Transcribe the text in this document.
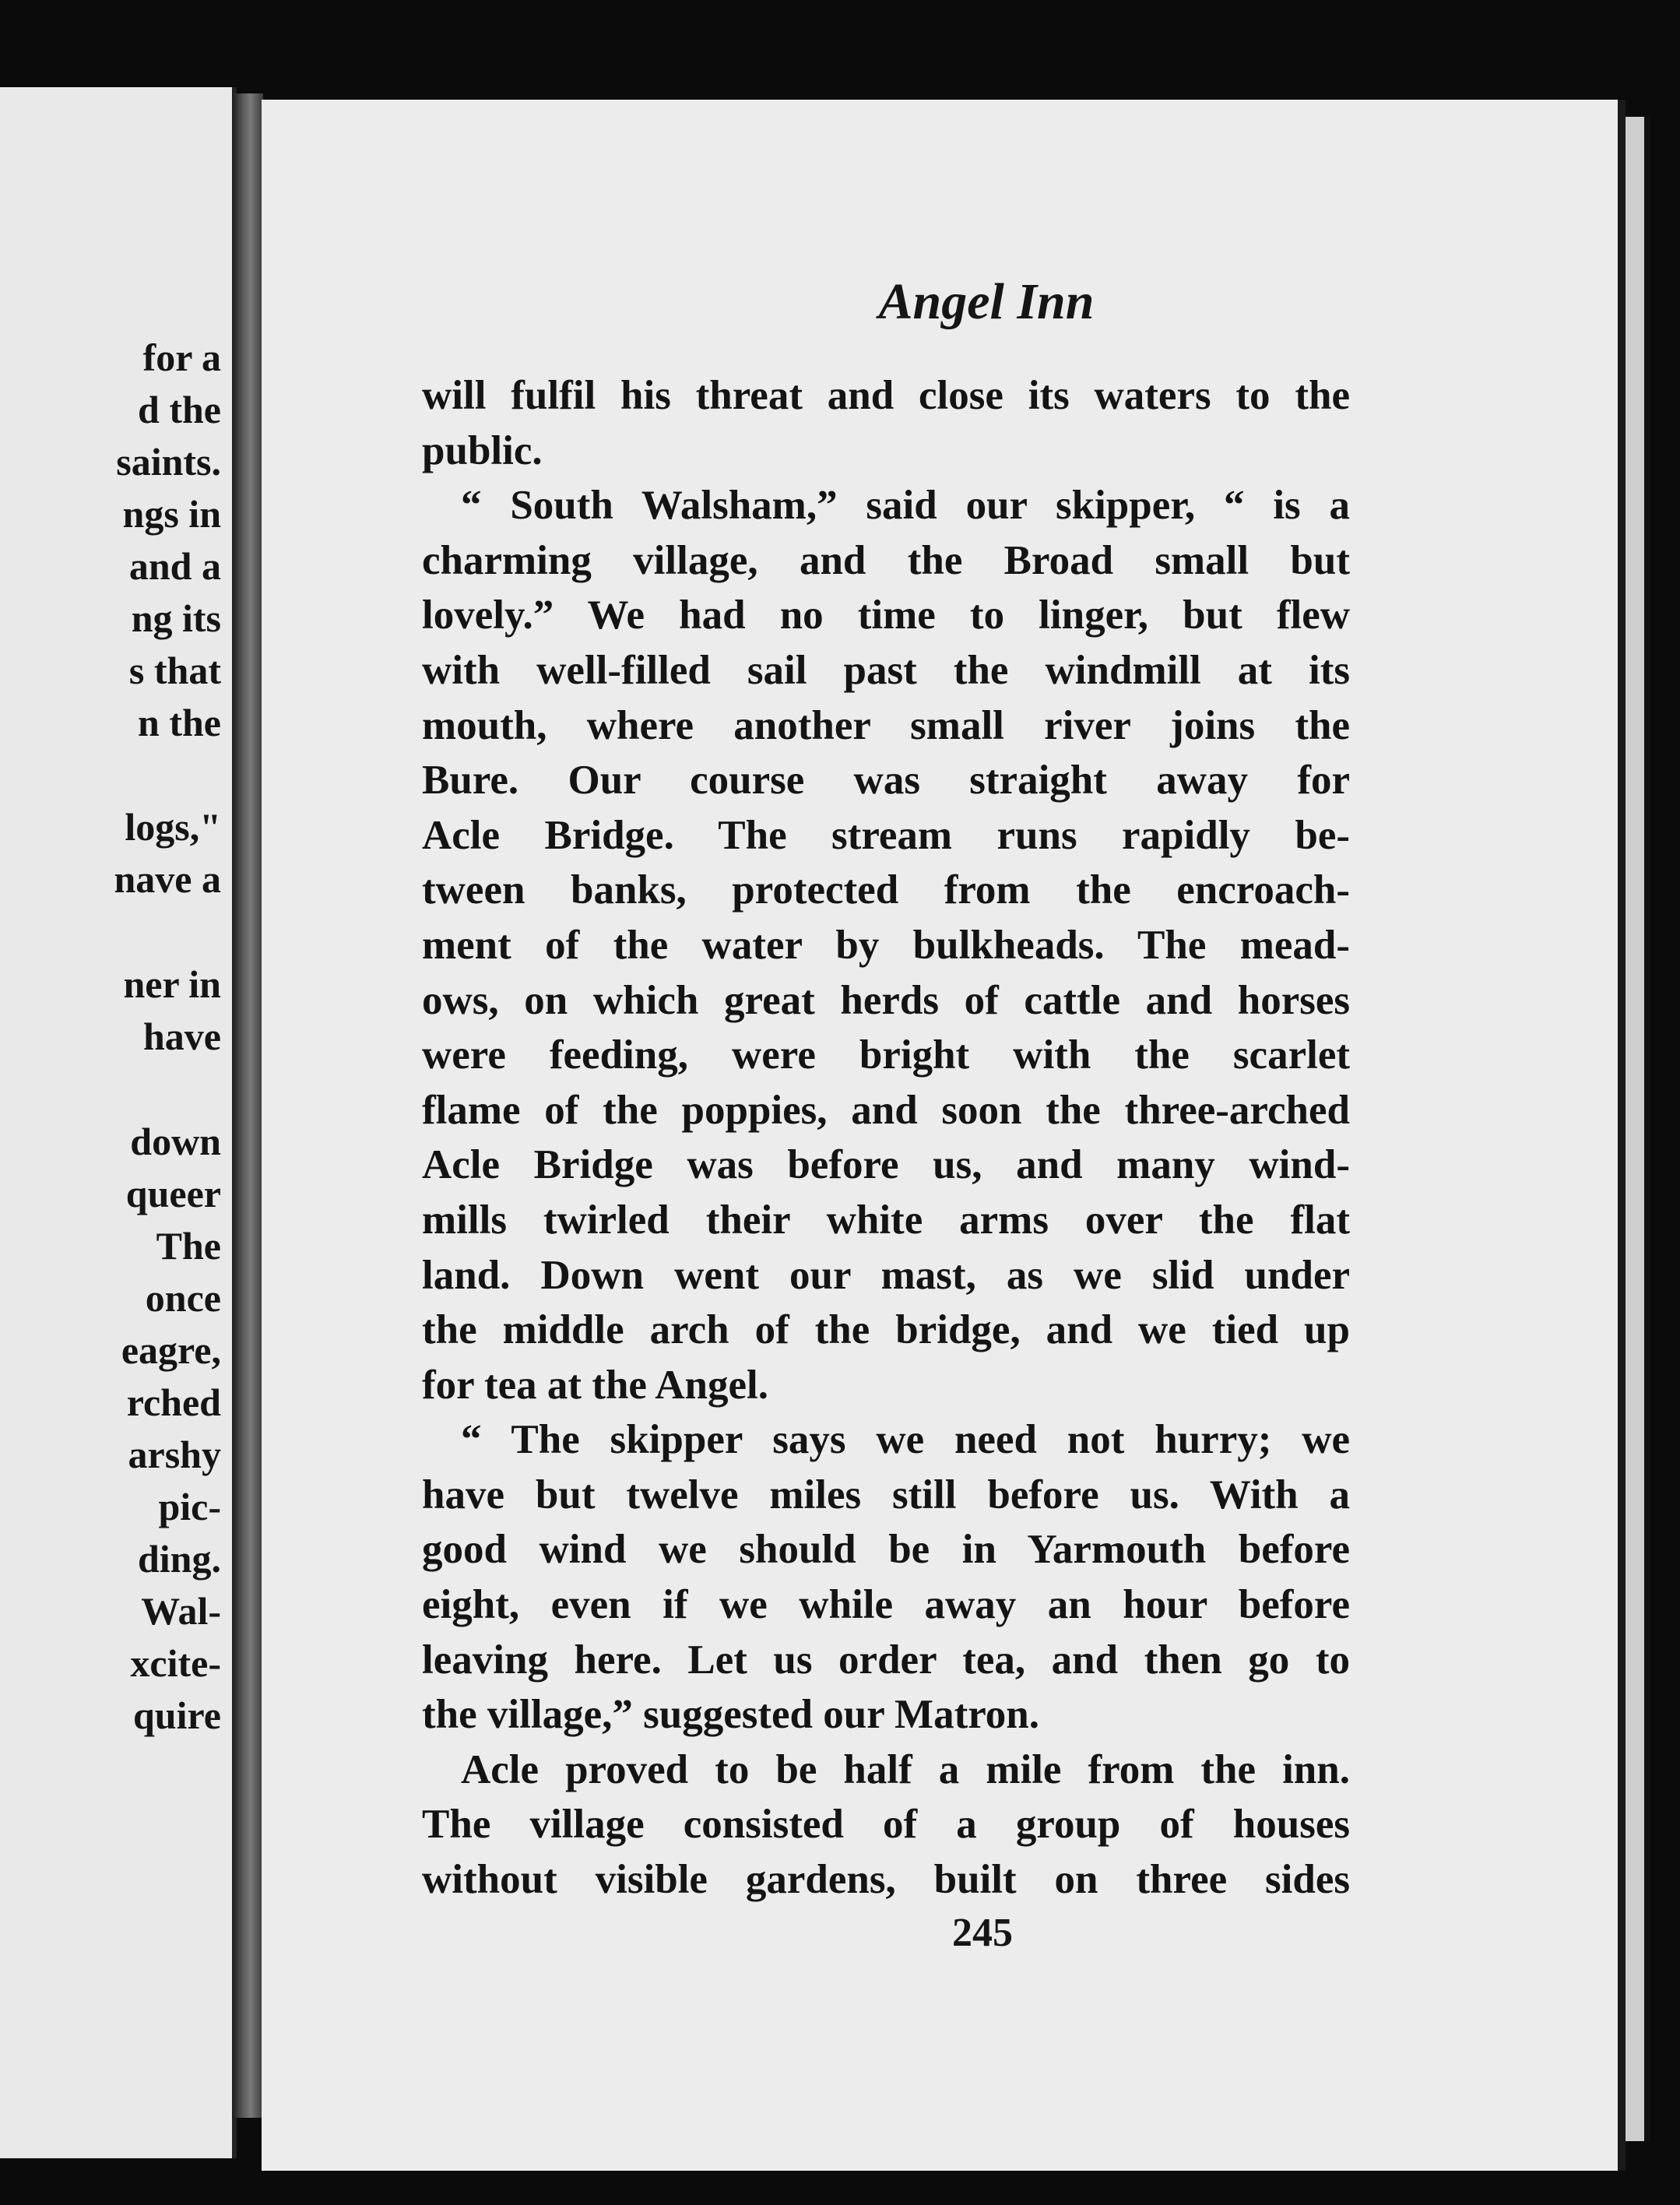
for a
d the
saints.
ngs in
and a
ng its
s that
n the
logs,"
nave a
ner in
have
down
queer
The
once
eagre,
rched
arshy
pic-
ding.
Wal-
xcite-
quire
Angel Inn
will fulfil his threat and close its waters to the
public.
“ South Walsham,” said our skipper, “ is a
charming village, and the Broad small but
lovely.” We had no time to linger, but flew
with well-filled sail past the windmill at its
mouth, where another small river joins the
Bure. Our course was straight away for
Acle Bridge. The stream runs rapidly be-
tween banks, protected from the encroach-
ment of the water by bulkheads. The mead-
ows, on which great herds of cattle and horses
were feeding, were bright with the scarlet
flame of the poppies, and soon the three-arched
Acle Bridge was before us, and many wind-
mills twirled their white arms over the flat
land. Down went our mast, as we slid under
the middle arch of the bridge, and we tied up
for tea at the Angel.
“ The skipper says we need not hurry; we
have but twelve miles still before us. With a
good wind we should be in Yarmouth before
eight, even if we while away an hour before
leaving here. Let us order tea, and then go to
the village,” suggested our Matron.
Acle proved to be half a mile from the inn.
The village consisted of a group of houses
without visible gardens, built on three sides
245
